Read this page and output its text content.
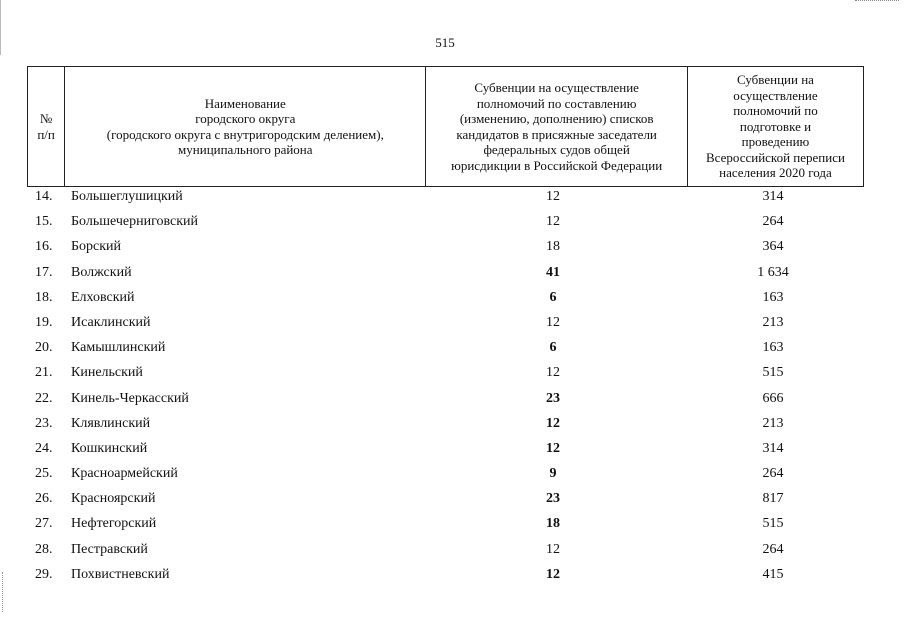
515
№
п/п

Наименование
городского округа
(городского округа с внутригородским делением),
муниципального района

Субвенции на осуществление
полномочий по составлению
(изменению, дополнению) списков
кандидатов в присяжные заседатели
федеральных судов общей
юрисдикции в Российской Федерации

Субвенции на
осуществление
полномочий по
подготовке и
проведению
Всероссийской переписи
населения 2020 года
14. Большеглушицкий	12	314
15. Большечерниговский	12	264
16. Борский	18	364
17. Волжский	41	1 634
18. Елховский	6	163
19. Исаклинский	12	213
20. Камышлинский	6	163
21. Кинельский	12	515
22. Кинель-Черкасский	23	666
23. Клявлинский	12	213
24. Кошкинский	12	314
25. Красноармейский	9	264
26. Красноярский	23	817
27. Нефтегорский	18	515
28. Пестравский	12	264
29. Похвистневский	12	415
